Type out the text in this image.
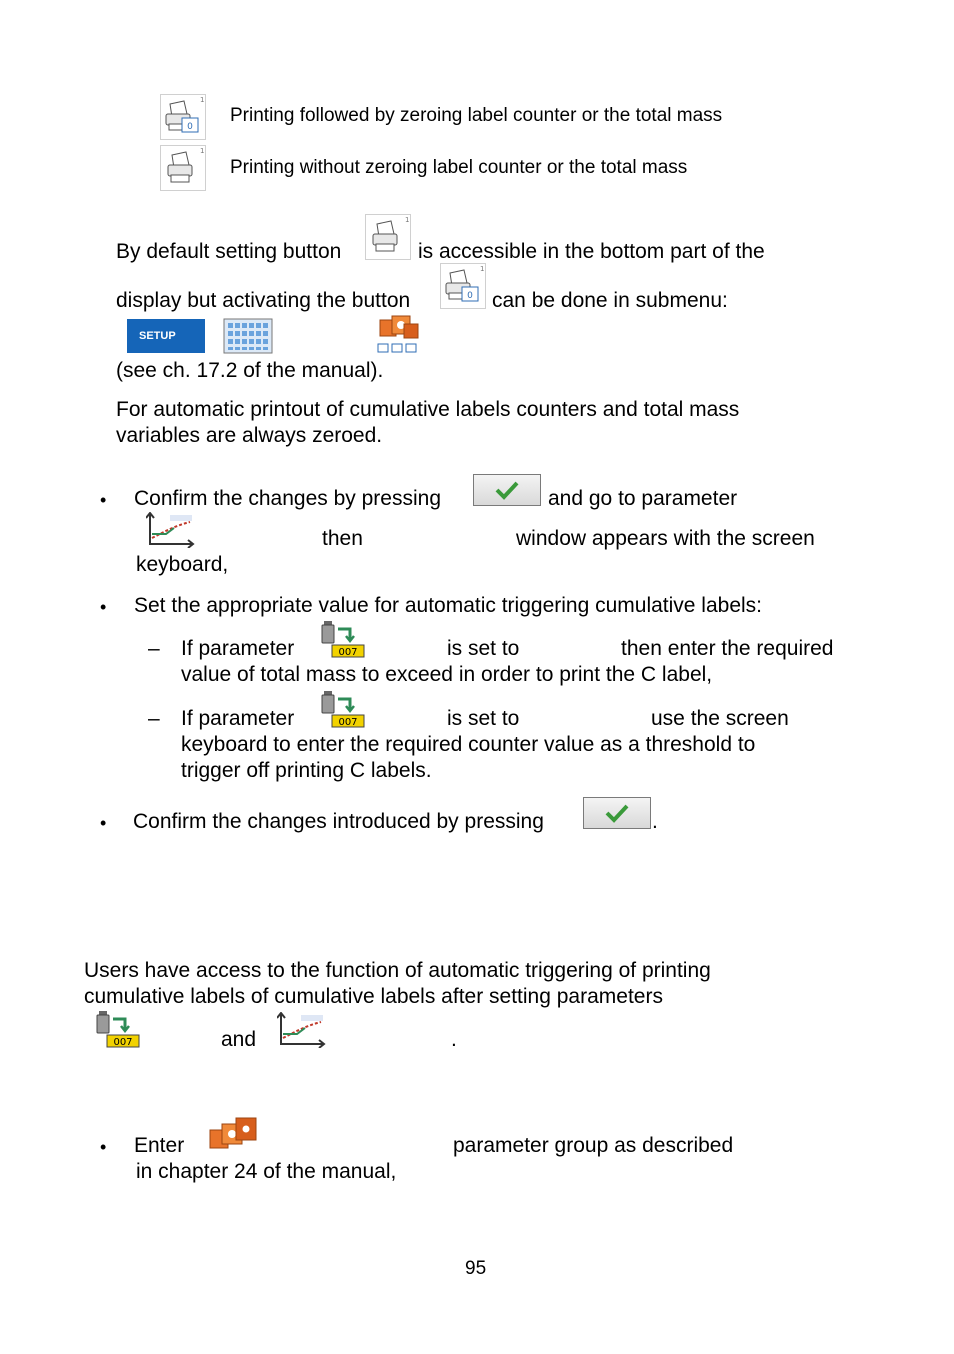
0
1
Printing followed by zeroing label counter or the total mass
1
Printing without zeroing label counter or the total mass
By default setting button
1
is accessible in the bottom part of the
display but activating the button	0
1
can be done in submenu:
SETUP
(see ch. 17.2 of the manual).
For automatic printout of cumulative labels counters and total mass
variables are always zeroed.
• Confirm the changes by pressing	and go to parameter
then	window appears with the screen
keyboard,
• Set the appropriate value for automatic triggering cumulative labels:
– If parameter	007	is set to	then enter the required
value of total mass to exceed in order to print the C label,
– If parameter	007	is set to	use the screen
keyboard to enter the required counter value as a threshold to
trigger off printing C labels.
• Confirm the changes introduced by pressing	.
Users have access to the function of automatic triggering of printing
cumulative labels of cumulative labels after setting parameters
007	and	.
• Enter	parameter group as described
in chapter 24 of the manual,
95
